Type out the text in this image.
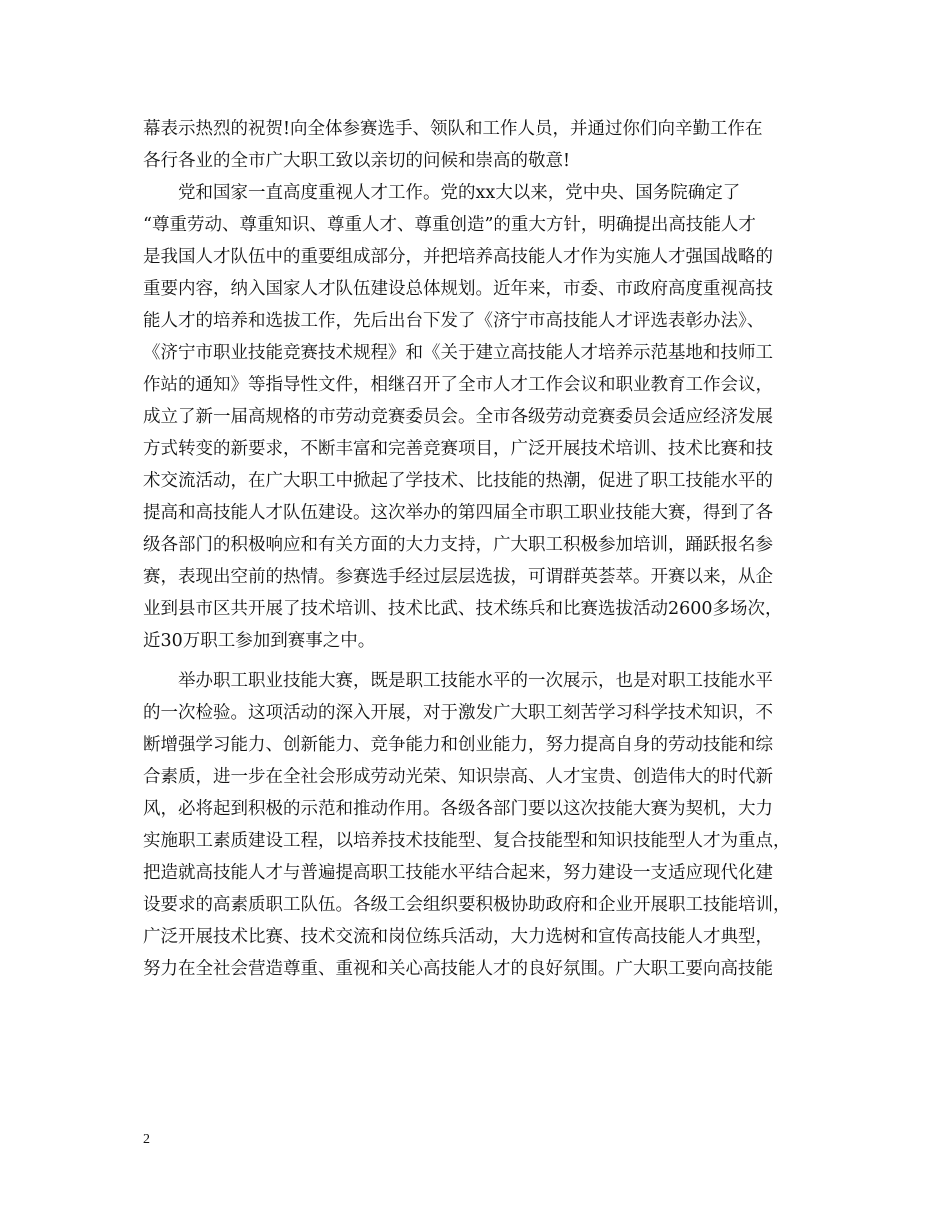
幕表示热烈的祝贺!向全体参赛选手、领队和工作人员，并通过你们向辛勤工作在
各行各业的全市广大职工致以亲切的问候和崇高的敬意!

　　党和国家一直高度重视人才工作。党的xx大以来，党中央、国务院确定了
“尊重劳动、尊重知识、尊重人才、尊重创造”的重大方针，明确提出高技能人才
是我国人才队伍中的重要组成部分，并把培养高技能人才作为实施人才强国战略的
重要内容，纳入国家人才队伍建设总体规划。近年来，市委、市政府高度重视高技
能人才的培养和选拔工作，先后出台下发了《济宁市高技能人才评选表彰办法》、
《济宁市职业技能竞赛技术规程》和《关于建立高技能人才培养示范基地和技师工
作站的通知》等指导性文件，相继召开了全市人才工作会议和职业教育工作会议，
成立了新一届高规格的市劳动竞赛委员会。全市各级劳动竞赛委员会适应经济发展
方式转变的新要求，不断丰富和完善竞赛项目，广泛开展技术培训、技术比赛和技
术交流活动，在广大职工中掀起了学技术、比技能的热潮，促进了职工技能水平的
提高和高技能人才队伍建设。这次举办的第四届全市职工职业技能大赛，得到了各
级各部门的积极响应和有关方面的大力支持，广大职工积极参加培训，踊跃报名参
赛，表现出空前的热情。参赛选手经过层层选拔，可谓群英荟萃。开赛以来，从企
业到县市区共开展了技术培训、技术比武、技术练兵和比赛选拔活动2600多场次，
近30万职工参加到赛事之中。

　　举办职工职业技能大赛，既是职工技能水平的一次展示，也是对职工技能水平
的一次检验。这项活动的深入开展，对于激发广大职工刻苦学习科学技术知识，不
断增强学习能力、创新能力、竞争能力和创业能力，努力提高自身的劳动技能和综
合素质，进一步在全社会形成劳动光荣、知识崇高、人才宝贵、创造伟大的时代新
风，必将起到积极的示范和推动作用。各级各部门要以这次技能大赛为契机，大力
实施职工素质建设工程，以培养技术技能型、复合技能型和知识技能型人才为重点，
把造就高技能人才与普遍提高职工技能水平结合起来，努力建设一支适应现代化建
设要求的高素质职工队伍。各级工会组织要积极协助政府和企业开展职工技能培训，
广泛开展技术比赛、技术交流和岗位练兵活动，大力选树和宣传高技能人才典型，
努力在全社会营造尊重、重视和关心高技能人才的良好氛围。广大职工要向高技能

2
